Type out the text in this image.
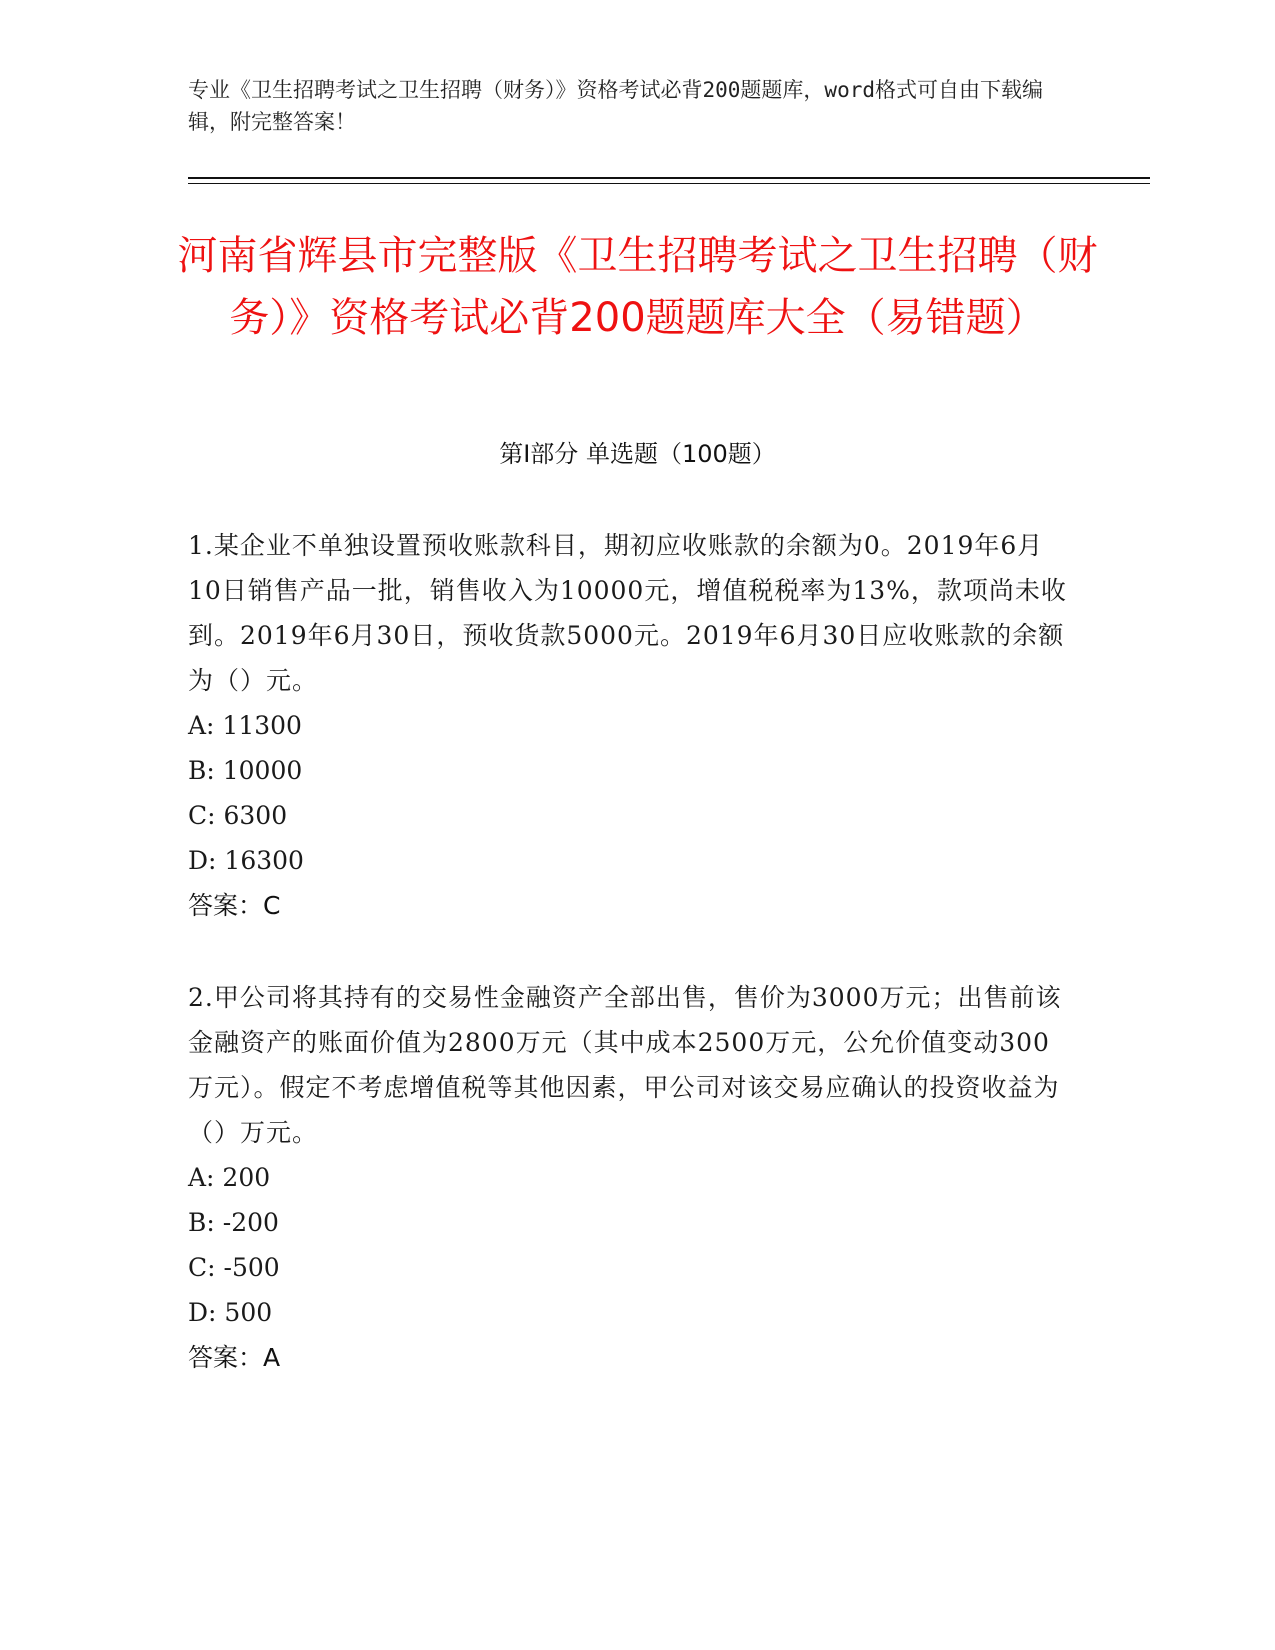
专业《卫生招聘考试之卫生招聘（财务）》资格考试必背200题题库，word格式可自由下载编辑，附完整答案！
河南省辉县市完整版《卫生招聘考试之卫生招聘（财务）》资格考试必背200题题库大全（易错题）
第I部分 单选题（100题）
1.某企业不单独设置预收账款科目，期初应收账款的余额为0。2019年6月10日销售产品一批，销售收入为10000元，增值税税率为13%，款项尚未收到。2019年6月30日，预收货款5000元。2019年6月30日应收账款的余额为（）元。
A: 11300
B: 10000
C: 6300
D: 16300
答案：C
2.甲公司将其持有的交易性金融资产全部出售，售价为3000万元；出售前该金融资产的账面价值为2800万元（其中成本2500万元，公允价值变动300万元）。假定不考虑增值税等其他因素，甲公司对该交易应确认的投资收益为（）万元。
A: 200
B: -200
C: -500
D: 500
答案：A
